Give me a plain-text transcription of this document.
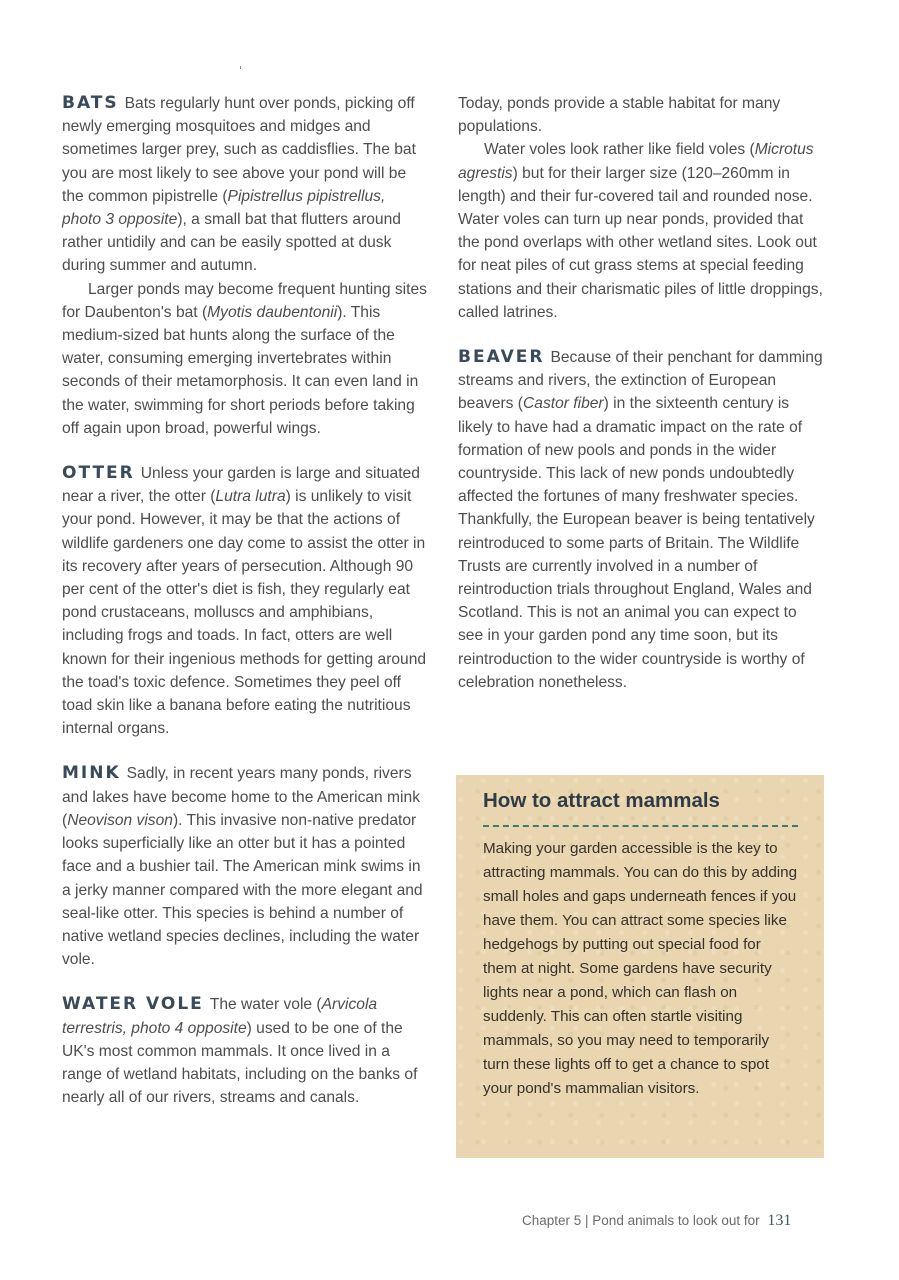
BATS Bats regularly hunt over ponds, picking off newly emerging mosquitoes and midges and sometimes larger prey, such as caddisflies. The bat you are most likely to see above your pond will be the common pipistrelle (Pipistrellus pipistrellus, photo 3 opposite), a small bat that flutters around rather untidily and can be easily spotted at dusk during summer and autumn.

Larger ponds may become frequent hunting sites for Daubenton's bat (Myotis daubentonii). This medium-sized bat hunts along the surface of the water, consuming emerging invertebrates within seconds of their metamorphosis. It can even land in the water, swimming for short periods before taking off again upon broad, powerful wings.

OTTER Unless your garden is large and situated near a river, the otter (Lutra lutra) is unlikely to visit your pond. However, it may be that the actions of wildlife gardeners one day come to assist the otter in its recovery after years of persecution. Although 90 per cent of the otter's diet is fish, they regularly eat pond crustaceans, molluscs and amphibians, including frogs and toads. In fact, otters are well known for their ingenious methods for getting around the toad's toxic defence. Sometimes they peel off toad skin like a banana before eating the nutritious internal organs.

MINK Sadly, in recent years many ponds, rivers and lakes have become home to the American mink (Neovison vison). This invasive non-native predator looks superficially like an otter but it has a pointed face and a bushier tail. The American mink swims in a jerky manner compared with the more elegant and seal-like otter. This species is behind a number of native wetland species declines, including the water vole.

WATER VOLE The water vole (Arvicola terrestris, photo 4 opposite) used to be one of the UK's most common mammals. It once lived in a range of wetland habitats, including on the banks of nearly all of our rivers, streams and canals.

Today, ponds provide a stable habitat for many populations.

Water voles look rather like field voles (Microtus agrestis) but for their larger size (120–260mm in length) and their fur-covered tail and rounded nose. Water voles can turn up near ponds, provided that the pond overlaps with other wetland sites. Look out for neat piles of cut grass stems at special feeding stations and their charismatic piles of little droppings, called latrines.

BEAVER Because of their penchant for damming streams and rivers, the extinction of European beavers (Castor fiber) in the sixteenth century is likely to have had a dramatic impact on the rate of formation of new pools and ponds in the wider countryside. This lack of new ponds undoubtedly affected the fortunes of many freshwater species. Thankfully, the European beaver is being tentatively reintroduced to some parts of Britain. The Wildlife Trusts are currently involved in a number of reintroduction trials throughout England, Wales and Scotland. This is not an animal you can expect to see in your garden pond any time soon, but its reintroduction to the wider countryside is worthy of celebration nonetheless.

How to attract mammals
Making your garden accessible is the key to attracting mammals. You can do this by adding small holes and gaps underneath fences if you have them. You can attract some species like hedgehogs by putting out special food for them at night. Some gardens have security lights near a pond, which can flash on suddenly. This can often startle visiting mammals, so you may need to temporarily turn these lights off to get a chance to spot your pond's mammalian visitors.
Chapter 5 | Pond animals to look out for 131
